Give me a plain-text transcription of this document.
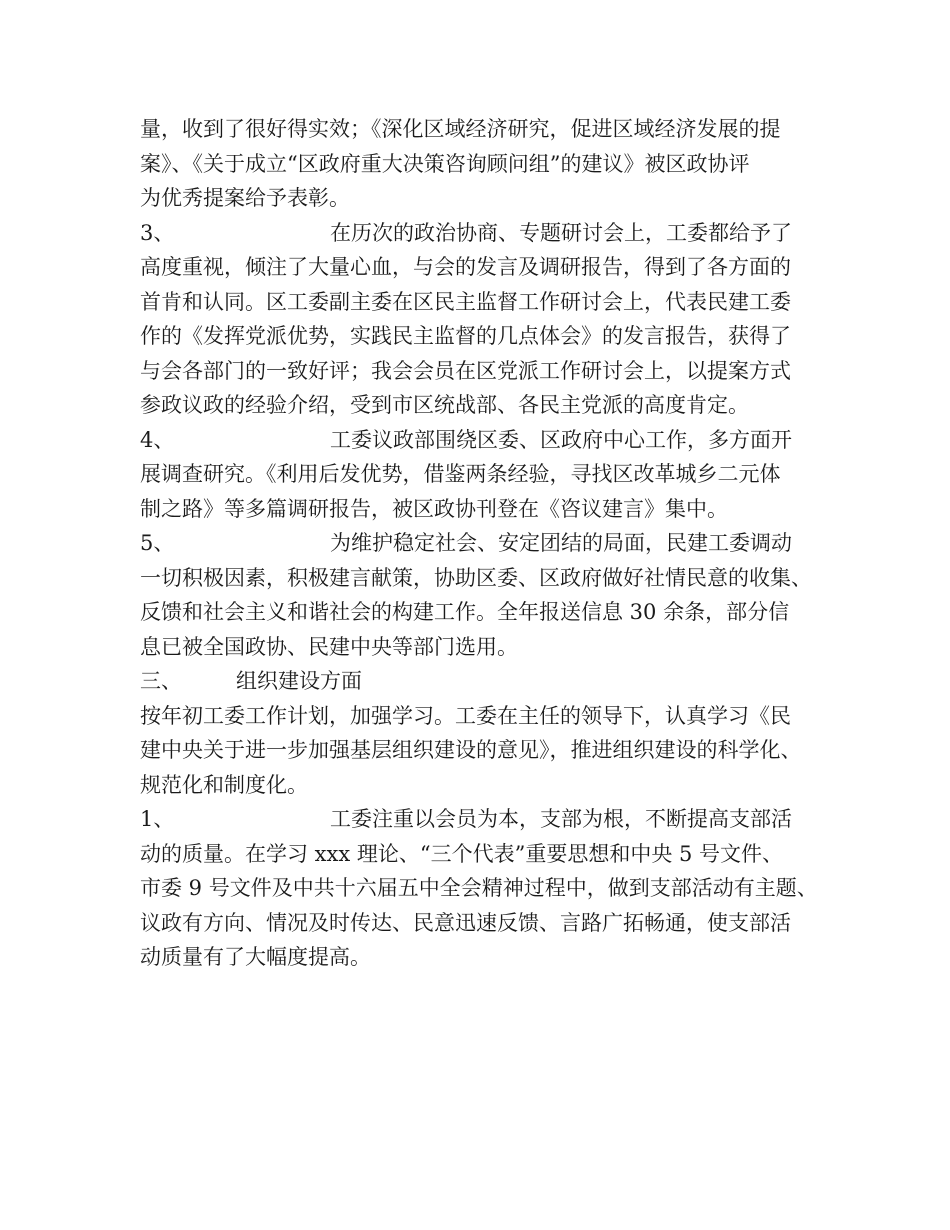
量，收到了很好得实效；《深化区域经济研究，促进区域经济发展的提
案》、《关于成立“区政府重大决策咨询顾问组”的建议》被区政协评
为优秀提案给予表彰。
3、	在历次的政治协商、专题研讨会上，工委都给予了
高度重视，倾注了大量心血，与会的发言及调研报告，得到了各方面的
首肯和认同。区工委副主委在区民主监督工作研讨会上，代表民建工委
作的《发挥党派优势，实践民主监督的几点体会》的发言报告，获得了
与会各部门的一致好评；我会会员在区党派工作研讨会上，以提案方式
参政议政的经验介绍，受到市区统战部、各民主党派的高度肯定。
4、	工委议政部围绕区委、区政府中心工作，多方面开
展调查研究。《利用后发优势，借鉴两条经验，寻找区改革城乡二元体
制之路》等多篇调研报告，被区政协刊登在《咨议建言》集中。
5、	为维护稳定社会、安定团结的局面，民建工委调动
一切积极因素，积极建言献策，协助区委、区政府做好社情民意的收集、
反馈和社会主义和谐社会的构建工作。全年报送信息 30 余条，部分信
息已被全国政协、民建中央等部门选用。
三、	组织建设方面
按年初工委工作计划，加强学习。工委在主任的领导下，认真学习《民
建中央关于进一步加强基层组织建设的意见》，推进组织建设的科学化、
规范化和制度化。
1、	工委注重以会员为本，支部为根，不断提高支部活
动的质量。在学习 xxx 理论、“三个代表”重要思想和中央 5 号文件、
市委 9 号文件及中共十六届五中全会精神过程中，做到支部活动有主题、
议政有方向、情况及时传达、民意迅速反馈、言路广拓畅通，使支部活
动质量有了大幅度提高。
